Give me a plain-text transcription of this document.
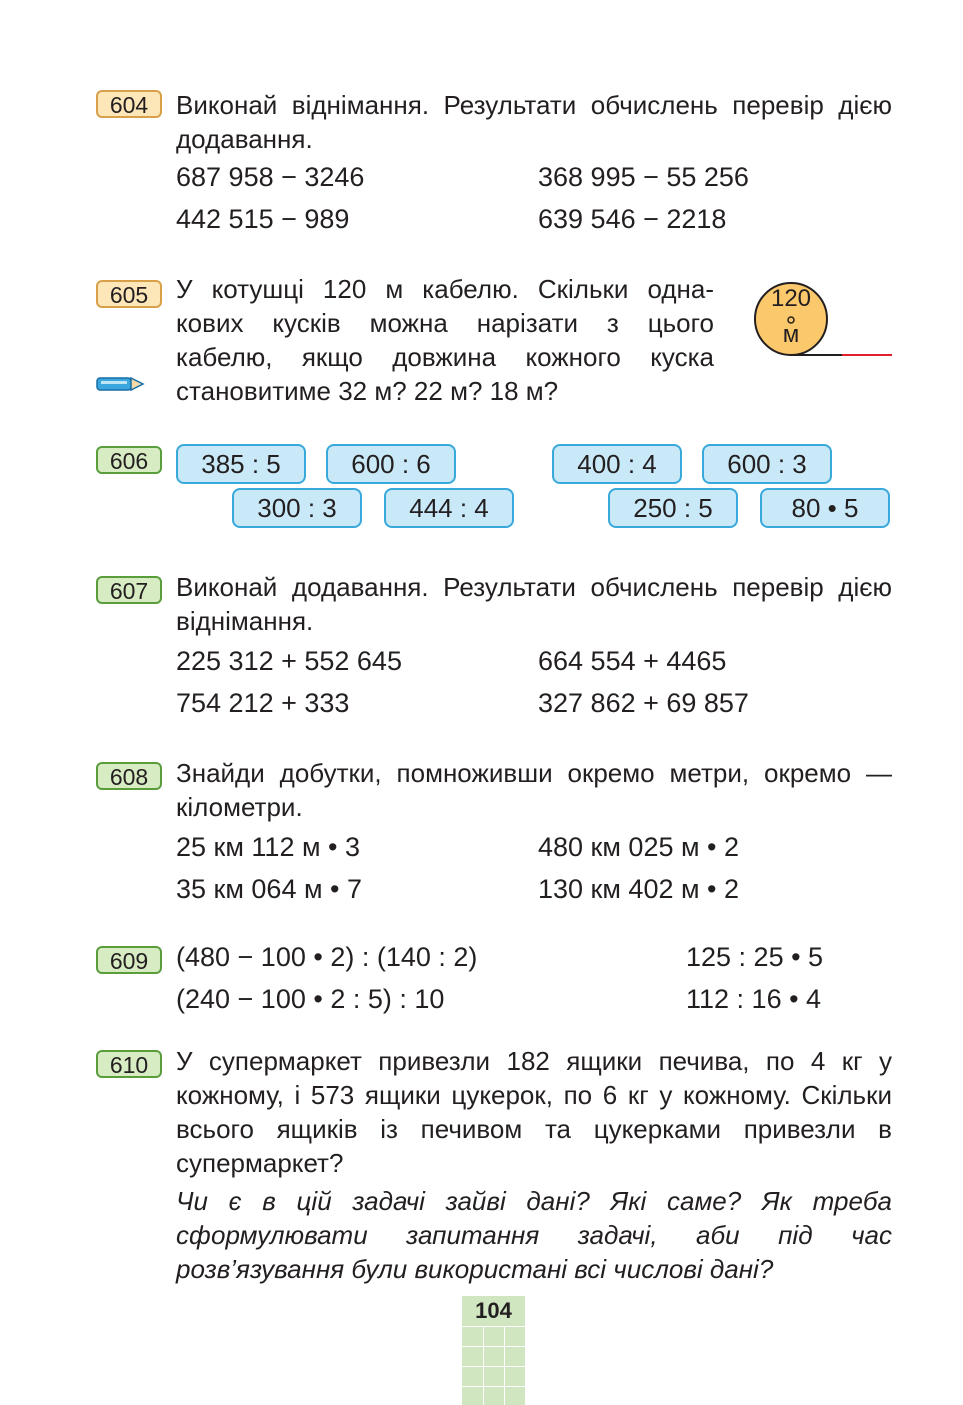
604	Виконай віднімання. Результати обчислень перевір дією додавання.
687 958 − 3246	368 995 − 55 256
442 515 − 989	639 546 − 2218
605	У котушці 120 м кабелю. Скільки одна-
кових кусків можна нарізати з цього
кабелю, якщо довжина кожного куска
становитиме 32 м? 22 м? 18 м?
120
м
606	385 : 5	600 : 6
300 : 3	444 : 4
400 : 4	600 : 3
250 : 5	80 • 5
607	Виконай додавання. Результати обчислень перевір дією віднімання.
225 312 + 552 645	664 554 + 4465
754 212 + 333	327 862 + 69 857
608	Знайди добутки, помноживши окремо метри, окремо — кілометри.
25 км 112 м • 3	480 км 025 м • 2
35 км 064 м • 7	130 км 402 м • 2
609	(480 − 100 • 2) : (140 : 2)	125 : 25 • 5
(240 − 100 • 2 : 5) : 10	112 : 16 • 4
610	У супермаркет привезли 182 ящики печива, по 4 кг у кожному, і 573 ящики цукерок, по 6 кг у кожному. Скільки всього ящиків із печивом та цукерками привезли в супермаркет?
Чи є в цій задачі зайві дані? Які саме? Як треба сформулювати запитання задачі, аби під час розв’язування були використані всі числові дані?
104
